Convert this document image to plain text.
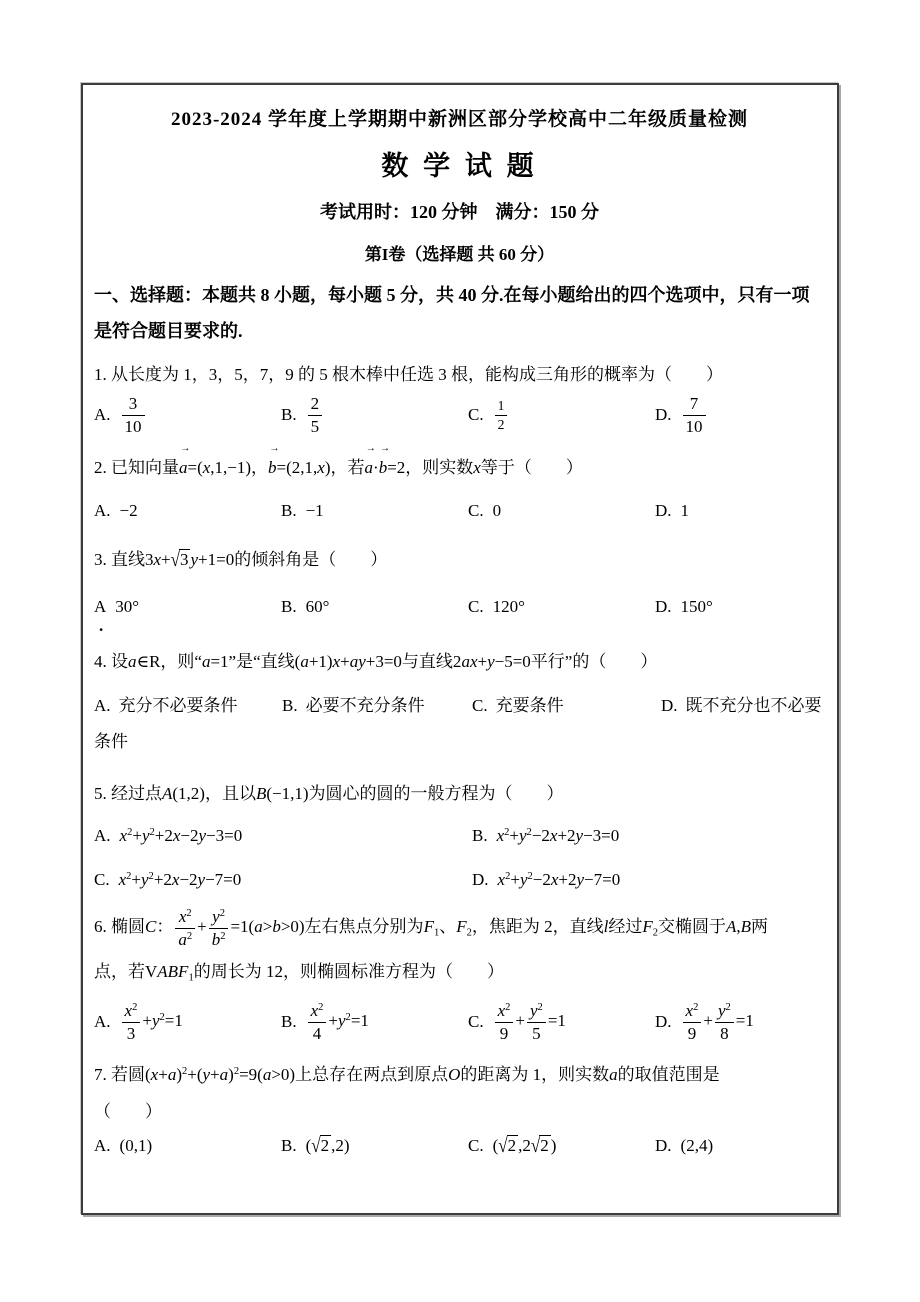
2023-2024 学年度上学期期中新洲区部分学校高中二年级质量检测
数 学 试 题
考试用时：120 分钟　满分：150 分
第I卷（选择题 共 60 分）
一、选择题：本题共 8 小题，每小题 5 分，共 40 分.在每小题给出的四个选项中，只有一项
是符合题目要求的.
1. 从长度为 1，3，5，7，9 的 5 根木棒中任选 3 根，能构成三角形的概率为（　　）
A. $\frac{3}{10}$	B. $\frac{2}{5}$	C. $\frac{1}{2}$	D. $\frac{7}{10}$
2. 已知向量
→
a=(x,1,−1)，
→
b=(2,1,x)，若
→
a·
→
b=2，则实数x等于（　　）
A. −2	B. −1	C. 0	D. 1
3. 直线3x+√3 y+1=0的倾斜角是（　　）
A 30°
.
B. 60°	C. 120°	D. 150°
4. 设a∈R，则“a=1”是“直线(a+1)x+ay+3=0与直线2ax+y−5=0平行”的（　　）
A. 充分不必要条件	B. 必要不充分条件	C. 充要条件	D. 既不充分也不必要条件
5. 经过点A(1,2)，且以B(−1,1)为圆心的圆的一般方程为（　　）
A. $x^2+y^2+2x-2y-3=0$	B. $x^2+y^2-2x+2y-3=0$
C. $x^2+y^2+2x-2y-7=0$	D. $x^2+y^2-2x+2y-7=0$
6. 椭圆C： $\frac{x^2}{a^2} + \frac{y^2}{b^2} =1(a>b>0)$左右焦点分别为$F_1$、$F_2$，焦距为 2，直线l经过$F_2$交椭圆于A,B两
点，若$VABF_1$的周长为 12，则椭圆标准方程为（　　）
A. $\frac{x^2}{3} +y^2=1$	B. $\frac{x^2}{4} +y^2=1$	C. $\frac{x^2}{9} + \frac{y^2}{5} =1$	D. $\frac{x^2}{9} + \frac{y^2}{8} =1$
7. 若圆$(x+a)^2+(y+a)^2=9(a>0)$上总存在两点到原点O的距离为 1，则实数a的取值范围是
（　　）
A. (0,1)	B. (√2 ,2)	C. (√2 ,2√2 )	D. (2,4)
